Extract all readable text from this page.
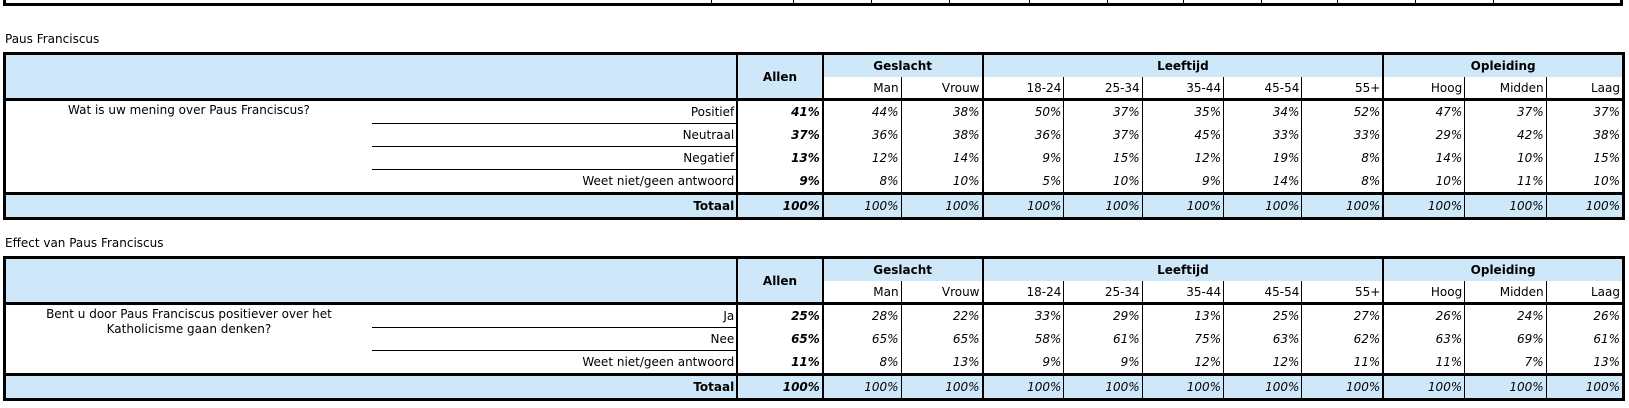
Paus Franciscus
		Allen	Geslacht		Leeftijd					Opleiding		
			Man	Vrouw	18-24	25-34	35-44	45-54	55+	Hoog	Midden	Laag
Wat is uw mening over Paus Franciscus?	Positief	41%	44%	38%	50%	37%	35%	34%	52%	47%	37%	37%
	Neutraal	37%	36%	38%	36%	37%	45%	33%	33%	29%	42%	38%
	Negatief	13%	12%	14%	9%	15%	12%	19%	8%	14%	10%	15%
	Weet niet/geen antwoord	9%	8%	10%	5%	10%	9%	14%	8%	10%	11%	10%
	Totaal	100%	100%	100%	100%	100%	100%	100%	100%	100%	100%	100%
Effect van Paus Franciscus
		Allen	Geslacht		Leeftijd					Opleiding		
			Man	Vrouw	18-24	25-34	35-44	45-54	55+	Hoog	Midden	Laag
Bent u door Paus Franciscus positiever over het Katholicisme gaan denken?	Ja	25%	28%	22%	33%	29%	13%	25%	27%	26%	24%	26%
	Nee	65%	65%	65%	58%	61%	75%	63%	62%	63%	69%	61%
	Weet niet/geen antwoord	11%	8%	13%	9%	9%	12%	12%	11%	11%	7%	13%
	Totaal	100%	100%	100%	100%	100%	100%	100%	100%	100%	100%	100%
